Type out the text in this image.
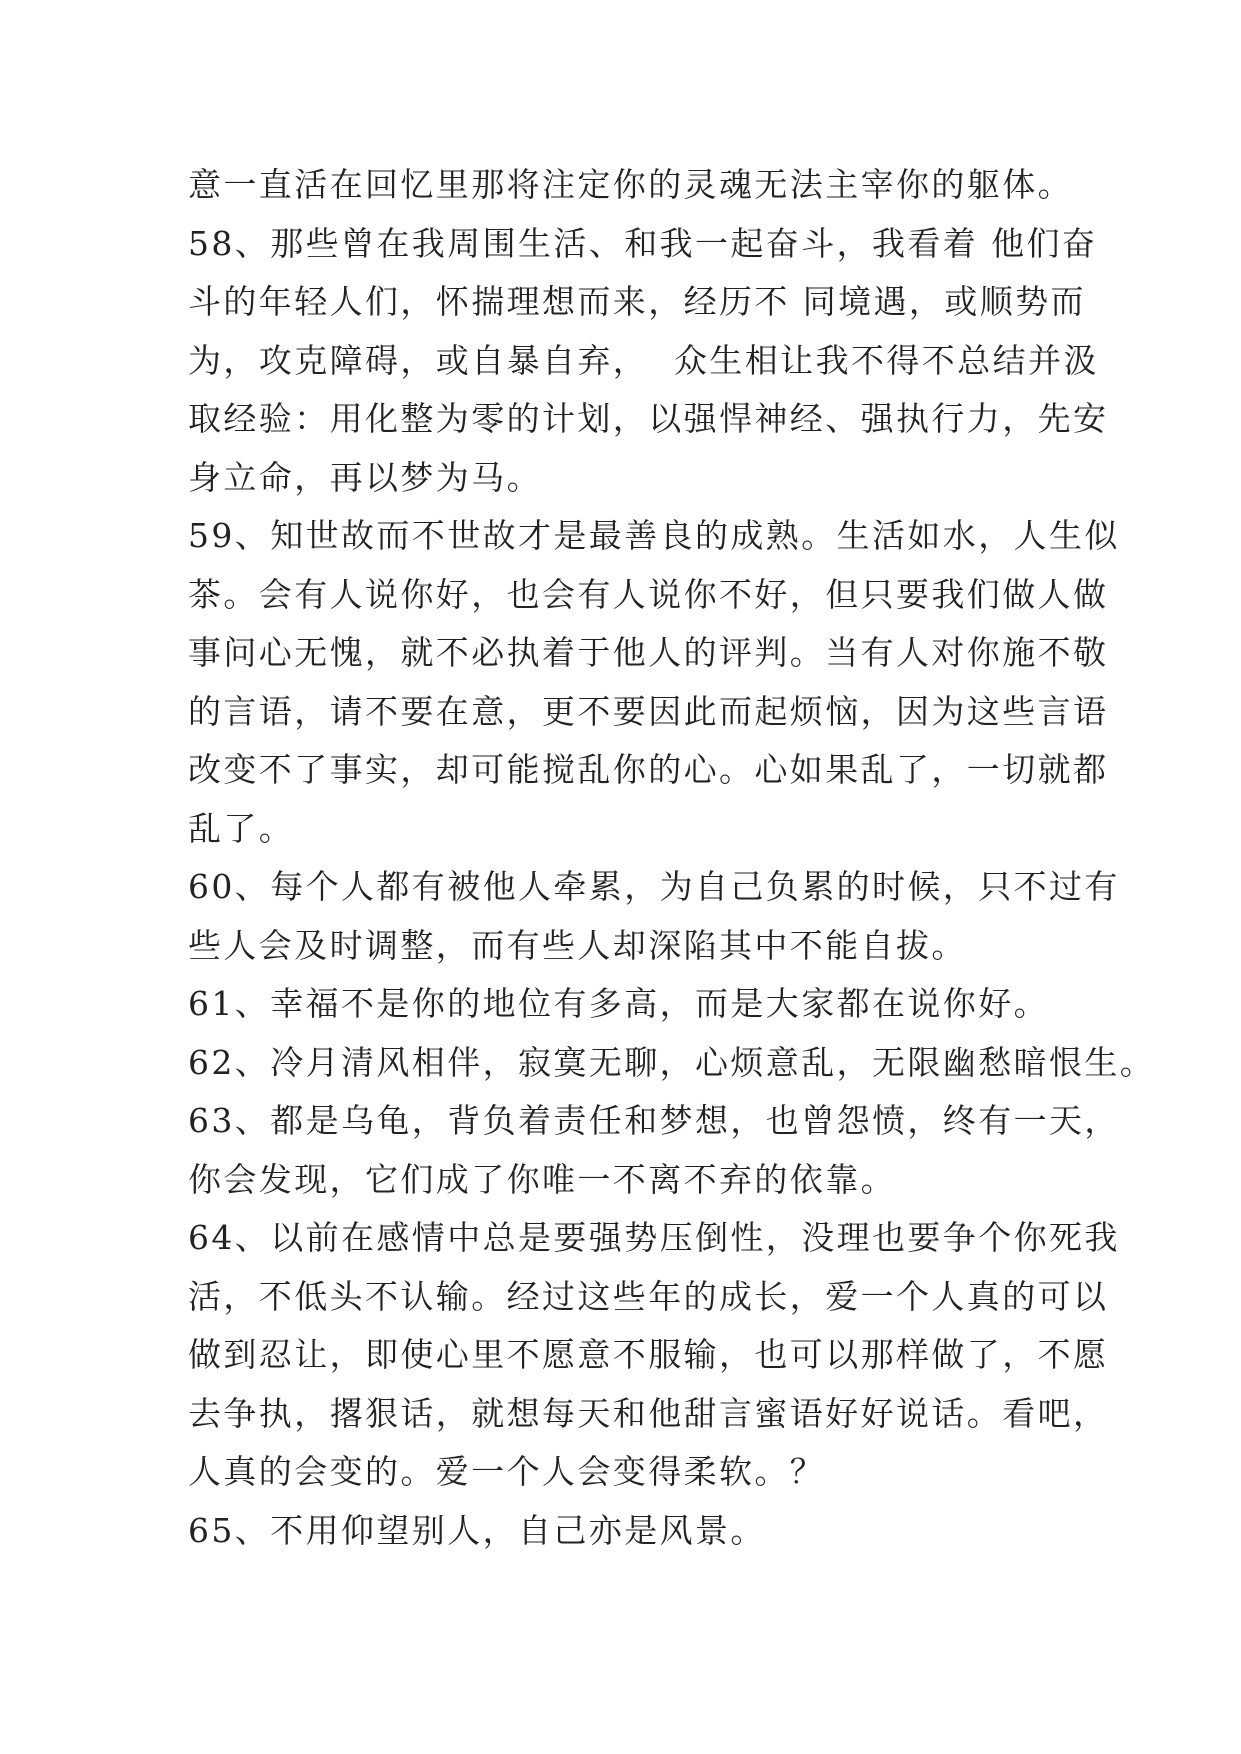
意一直活在回忆里那将注定你的灵魂无法主宰你的躯体。
58、那些曾在我周围生活、和我一起奋斗，我看着 他们奋
斗的年轻人们，怀揣理想而来，经历不 同境遇，或顺势而
为，攻克障碍，或自暴自弃，  众生相让我不得不总结并汲
取经验：用化整为零的计划，以强悍神经、强执行力，先安
身立命，再以梦为马。
59、知世故而不世故才是最善良的成熟。生活如水，人生似
茶。会有人说你好，也会有人说你不好，但只要我们做人做
事问心无愧，就不必执着于他人的评判。当有人对你施不敬
的言语，请不要在意，更不要因此而起烦恼，因为这些言语
改变不了事实，却可能搅乱你的心。心如果乱了，一切就都
乱了。
60、每个人都有被他人牵累，为自己负累的时候，只不过有
些人会及时调整，而有些人却深陷其中不能自拔。
61、幸福不是你的地位有多高，而是大家都在说你好。
62、冷月清风相伴，寂寞无聊，心烦意乱，无限幽愁暗恨生。
63、都是乌龟，背负着责任和梦想，也曾怨愤，终有一天，
你会发现，它们成了你唯一不离不弃的依靠。
64、以前在感情中总是要强势压倒性，没理也要争个你死我
活，不低头不认输。经过这些年的成长，爱一个人真的可以
做到忍让，即使心里不愿意不服输，也可以那样做了，不愿
去争执，撂狠话，就想每天和他甜言蜜语好好说话。看吧，
人真的会变的。爱一个人会变得柔软。？
65、不用仰望别人，自己亦是风景。
